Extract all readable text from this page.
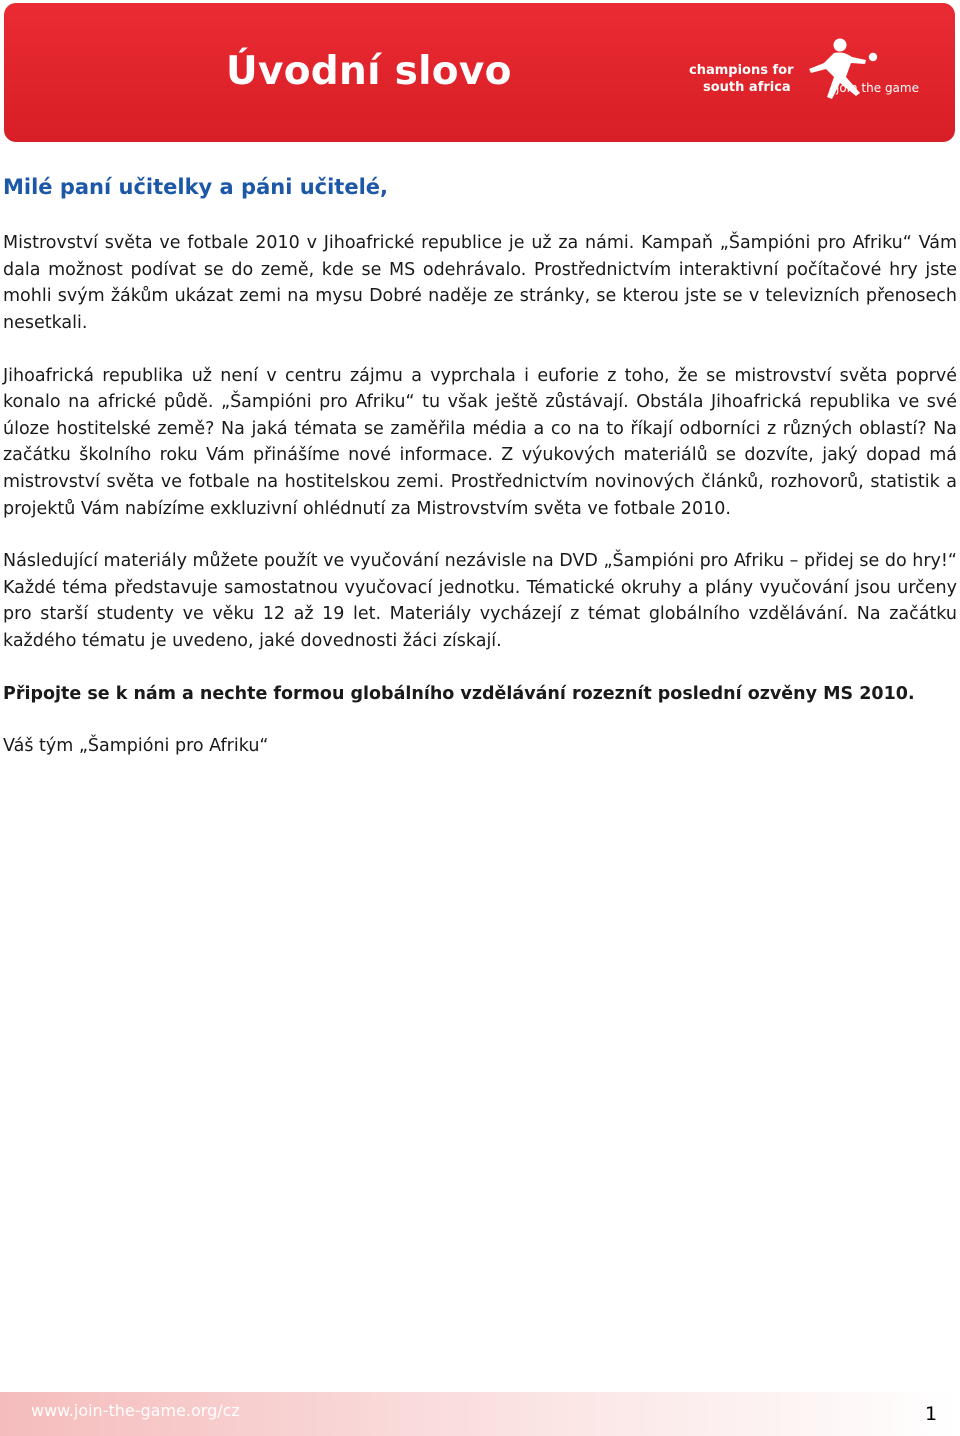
Úvodní slovo	champions for
south africa	join the game
Milé paní učitelky a páni učitelé,

Mistrovství světa ve fotbale 2010 v Jihoafrické republice je už za námi. Kampaň „Šampióni pro Afriku“ Vám dala možnost podívat se do země, kde se MS odehrávalo. Prostřednictvím interaktivní počítačové hry jste mohli svým žákům ukázat zemi na mysu Dobré naděje ze stránky, se kterou jste se v televizních přenosech nesetkali.

Jihoafrická republika už není v centru zájmu a vyprchala i euforie z toho, že se mistrovství světa poprvé konalo na africké půdě. „Šampióni pro Afriku“ tu však ještě zůstávají. Obstála Jihoafrická republika ve své úloze hostitelské země? Na jaká témata se zaměřila média a co na to říkají odborníci z různých oblastí? Na začátku školního roku Vám přinášíme nové informace. Z výukových materiálů se dozvíte, jaký dopad má mistrovství světa ve fotbale na hostitelskou zemi. Prostřednictvím novinových článků, rozhovorů, statistik a projektů Vám nabízíme exkluzivní ohlédnutí za Mistrovstvím světa ve fotbale 2010.

Následující materiály můžete použít ve vyučování nezávisle na DVD „Šampióni pro Afriku – přidej se do hry!“ Každé téma představuje samostatnou vyučovací jednotku. Tématické okruhy a plány vyučování jsou určeny pro starší studenty ve věku 12 až 19 let. Materiály vycházejí z témat globálního vzdělávání. Na začátku každého tématu je uvedeno, jaké dovednosti žáci získají.

Připojte se k nám a nechte formou globálního vzdělávání rozeznít poslední ozvěny MS 2010.

Váš tým „Šampióni pro Afriku“

www.join-the-game.org/cz	1
